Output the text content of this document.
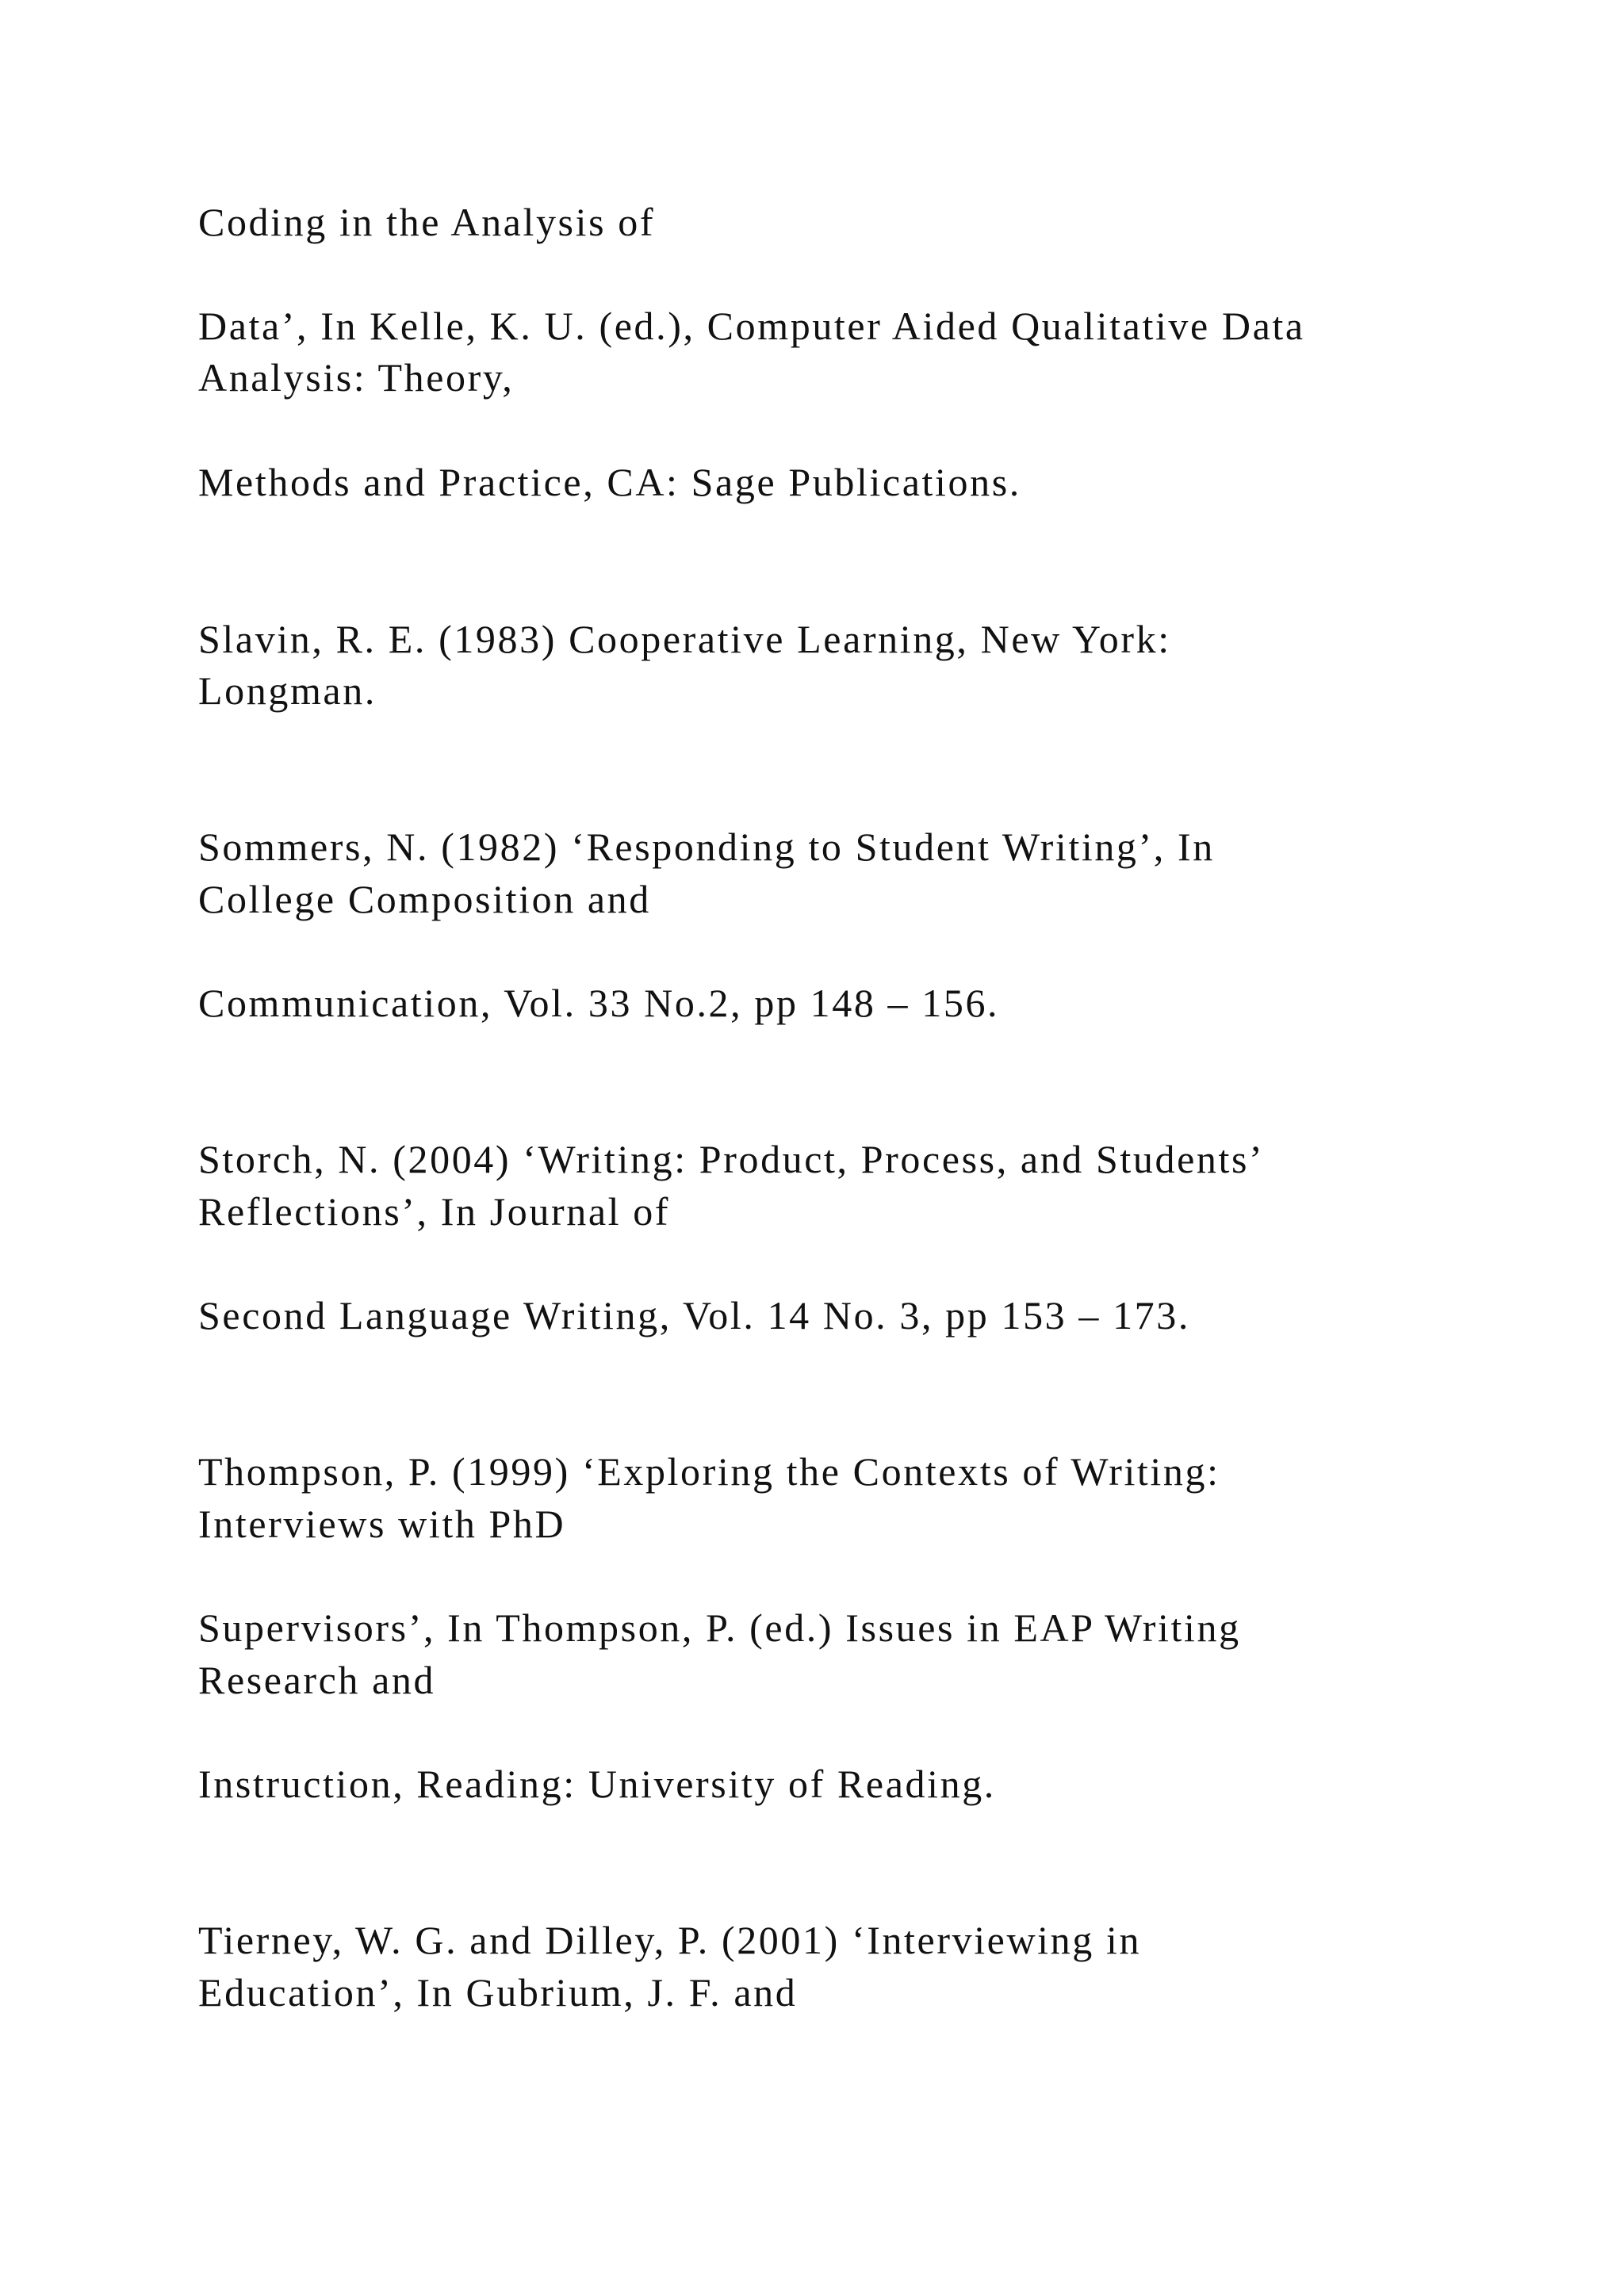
Coding in the Analysis of

Data’, In Kelle, K. U. (ed.), Computer Aided Qualitative Data

Analysis: Theory,

Methods and Practice, CA: Sage Publications.

Slavin, R. E. (1983) Cooperative Learning, New York:

Longman.

Sommers, N. (1982) ‘Responding to Student Writing’, In

College Composition and

Communication, Vol. 33 No.2, pp 148 – 156.

Storch, N. (2004) ‘Writing: Product, Process, and Students’

Reflections’, In Journal of

Second Language Writing, Vol. 14 No. 3, pp 153 – 173.

Thompson, P. (1999) ‘Exploring the Contexts of Writing:

Interviews with PhD

Supervisors’, In Thompson, P. (ed.) Issues in EAP Writing

Research and

Instruction, Reading: University of Reading.

Tierney, W. G. and Dilley, P. (2001) ‘Interviewing in

Education’, In Gubrium, J. F. and
